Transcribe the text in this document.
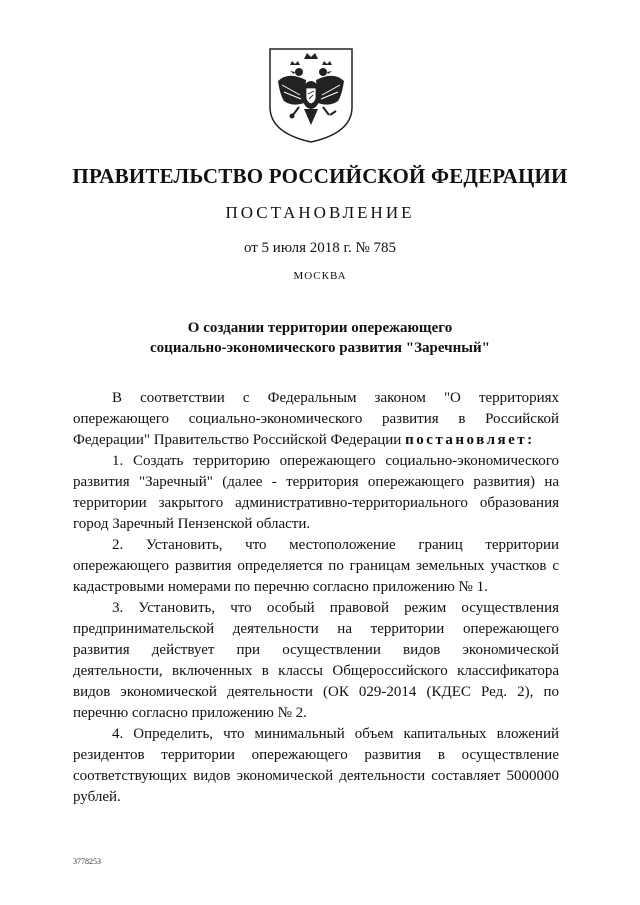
ПРАВИТЕЛЬСТВО РОССИЙСКОЙ ФЕДЕРАЦИИ
ПОСТАНОВЛЕНИЕ
от 5 июля 2018 г. № 785
МОСКВА
О создании территории опережающего
социально-экономического развития "Заречный"

В соответствии с Федеральным законом "О территориях опережающего социально-экономического развития в Российской Федерации" Правительство Российской Федерации постановляет:

1. Создать территорию опережающего социально-экономического развития "Заречный" (далее - территория опережающего развития) на территории закрытого административно-территориального образования город Заречный Пензенской области.

2. Установить, что местоположение границ территории опережающего развития определяется по границам земельных участков с кадастровыми номерами по перечню согласно приложению № 1.

3. Установить, что особый правовой режим осуществления предпринимательской деятельности на территории опережающего развития действует при осуществлении видов экономической деятельности, включенных в классы Общероссийского классификатора видов экономической деятельности (ОК 029-2014 (КДЕС Ред. 2), по перечню согласно приложению № 2.

4. Определить, что минимальный объем капитальных вложений резидентов территории опережающего развития в осуществление соответствующих видов экономической деятельности составляет 5000000 рублей.

3778253
